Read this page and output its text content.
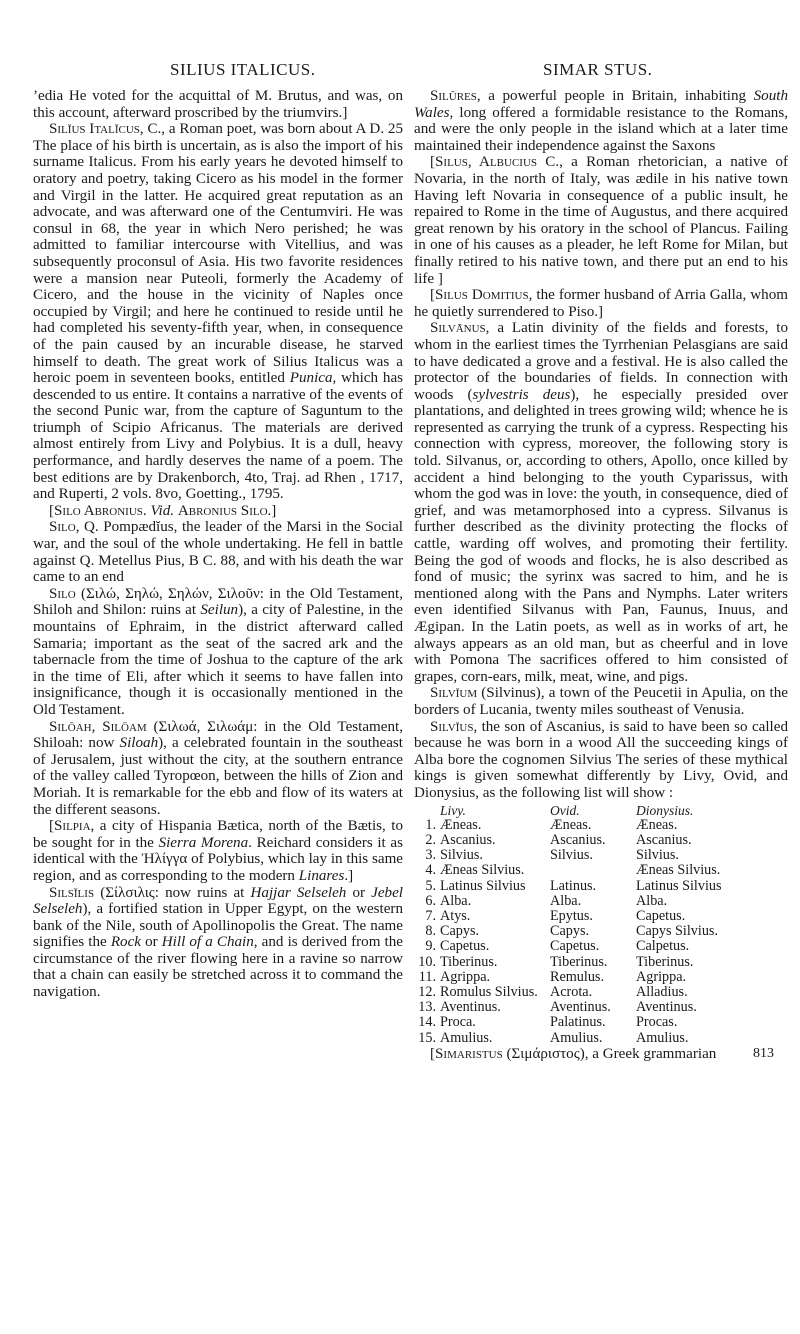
SILIUS ITALICUS.	SIMAR STUS.

’edia He voted for the acquittal of M. Brutus, and was, on this account, afterward proscribed by the triumvirs.]

Silĭus Italĭcus, C., a Roman poet, was born about A D. 25 The place of his birth is uncertain, as is also the import of his surname Italicus. From his early years he devoted himself to oratory and poetry, taking Cicero as his model in the former and Virgil in the latter. He acquired great reputation as an advocate, and was afterward one of the Centumviri. He was consul in 68, the year in which Nero perished; he was admitted to familiar intercourse with Vitellius, and was subsequently proconsul of Asia. His two favorite residences were a mansion near Puteoli, formerly the Academy of Cicero, and the house in the vicinity of Naples once occupied by Virgil; and here he continued to reside until he had completed his seventy-fifth year, when, in consequence of the pain caused by an incurable disease, he starved himself to death. The great work of Silius Italicus was a heroic poem in seventeen books, entitled Punica, which has descended to us entire. It contains a narrative of the events of the second Punic war, from the capture of Saguntum to the triumph of Scipio Africanus. The materials are derived almost entirely from Livy and Polybius. It is a dull, heavy performance, and hardly deserves the name of a poem. The best editions are by Drakenborch, 4to, Traj. ad Rhen , 1717, and Ruperti, 2 vols. 8vo, Goetting., 1795.

[Silo Abronius. Vid. Abronius Silo.]

Silo, Q. Pompædĭus, the leader of the Marsi in the Social war, and the soul of the whole undertaking. He fell in battle against Q. Metellus Pius, B C. 88, and with his death the war came to an end

Silo (Σιλώ, Σηλώ, Σηλών, Σιλοῦν: in the Old Testament, Shiloh and Shilon: ruins at Seilun), a city of Palestine, in the mountains of Ephraim, in the district afterward called Samaria; important as the seat of the sacred ark and the tabernacle from the time of Joshua to the capture of the ark in the time of Eli, after which it seems to have fallen into insignificance, though it is occasionally mentioned in the Old Testament.

Silōah, Silōam (Σιλωά, Σιλωάμ: in the Old Testament, Shiloah: now Siloah), a celebrated fountain in the southeast of Jerusalem, just without the city, at the southern entrance of the valley called Tyropœon, between the hills of Zion and Moriah. It is remarkable for the ebb and flow of its waters at the different seasons.

[Silpia, a city of Hispania Bætica, north of the Bætis, to be sought for in the Sierra Morena. Reichard considers it as identical with the Ἠλίγγα of Polybius, which lay in this same region, and as corresponding to the modern Linares.]

Silsĭlis (Σίλσιλις: now ruins at Hajjar Selseleh or Jebel Selseleh), a fortified station in Upper Egypt, on the western bank of the Nile, south of Apollinopolis the Great. The name signifies the Rock or Hill of a Chain, and is derived from the circumstance of the river flowing here in a ravine so narrow that a chain can easily be stretched across it to command the navigation.

Silŭres, a powerful people in Britain, inhabiting South Wales, long offered a formidable resistance to the Romans, and were the only people in the island which at a later time maintained their independence against the Saxons

[Silus, Albucius C., a Roman rhetorician, a native of Novaria, in the north of Italy, was ædile in his native town Having left Novaria in consequence of a public insult, he repaired to Rome in the time of Augustus, and there acquired great renown by his oratory in the school of Plancus. Failing in one of his causes as a pleader, he left Rome for Milan, but finally retired to his native town, and there put an end to his life ]

[Silus Domitius, the former husband of Arria Galla, whom he quietly surrendered to Piso.]

Silvānus, a Latin divinity of the fields and forests, to whom in the earliest times the Tyrrhenian Pelasgians are said to have dedicated a grove and a festival. He is also called the protector of the boundaries of fields. In connection with woods (sylvestris deus), he especially presided over plantations, and delighted in trees growing wild; whence he is represented as carrying the trunk of a cypress. Respecting his connection with cypress, moreover, the following story is told. Silvanus, or, according to others, Apollo, once killed by accident a hind belonging to the youth Cyparissus, with whom the god was in love: the youth, in consequence, died of grief, and was metamorphosed into a cypress. Silvanus is further described as the divinity protecting the flocks of cattle, warding off wolves, and promoting their fertility. Being the god of woods and flocks, he is also described as fond of music; the syrinx was sacred to him, and he is mentioned along with the Pans and Nymphs. Later writers even identified Silvanus with Pan, Faunus, Inuus, and Ægipan. In the Latin poets, as well as in works of art, he always appears as an old man, but as cheerful and in love with Pomona The sacrifices offered to him consisted of grapes, corn-ears, milk, meat, wine, and pigs.

Silvĭum (Silvinus), a town of the Peucetii in Apulia, on the borders of Lucania, twenty miles southeast of Venusia.

Silvĭus, the son of Ascanius, is said to have been so called because he was born in a wood All the succeeding kings of Alba bore the cognomen Silvius The series of these mythical kings is given somewhat differently by Livy, Ovid, and Dionysius, as the following list will show :

	Livy.	Ovid.	Dionysius.
1.	Æneas.	Æneas.	Æneas.
2.	Ascanius.	Ascanius.	Ascanius.
3.	Silvius.	Silvius.	Silvius.
4.	Æneas Silvius.		Æneas Silvius.
5.	Latinus Silvius	Latinus.	Latinus Silvius
6.	Alba.	Alba.	Alba.
7.	Atys.	Epytus.	Capetus.
8.	Capys.	Capys.	Capys Silvius.
9.	Capetus.	Capetus.	Calpetus.
10.	Tiberinus.	Tiberinus.	Tiberinus.
11.	Agrippa.	Remulus.	Agrippa.
12.	Romulus Silvius.	Acrota.	Alladius.
13.	Aventinus.	Aventinus.	Aventinus.
14.	Proca.	Palatinus.	Procas.
15.	Amulius.	Amulius.	Amulius.

[Simaristus (Σιμάριστος), a Greek grammarian	813
